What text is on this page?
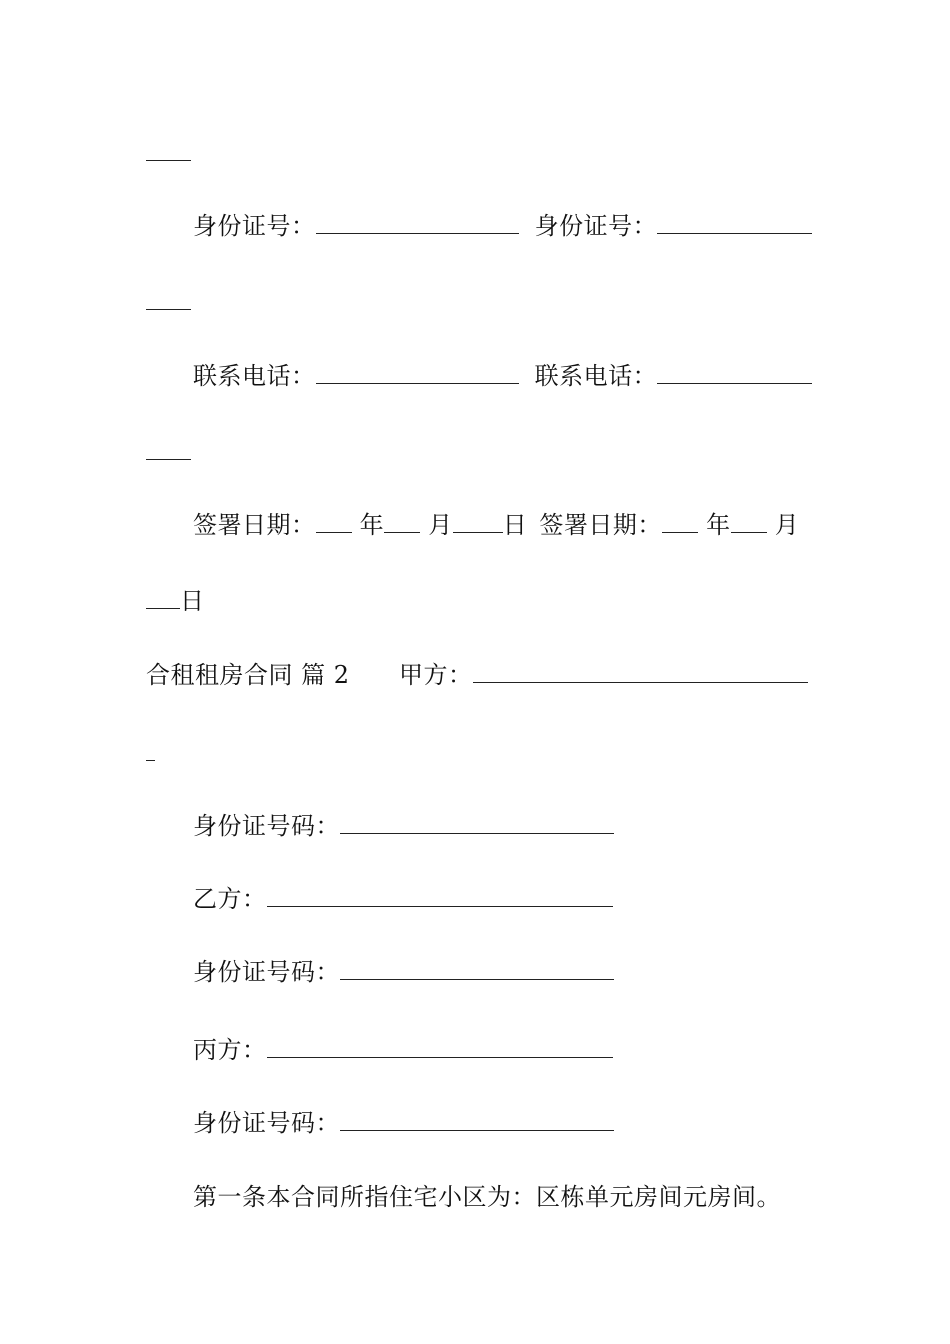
身份证号：	身份证号：
联系电话：	联系电话：
签署日期： 年 月 日 签署日期： 年 月
日
合租租房合同 篇 2 甲方：
身份证号码：
乙方：
身份证号码：
丙方：
身份证号码：
第一条本合同所指住宅小区为：区栋单元房间元房间。
